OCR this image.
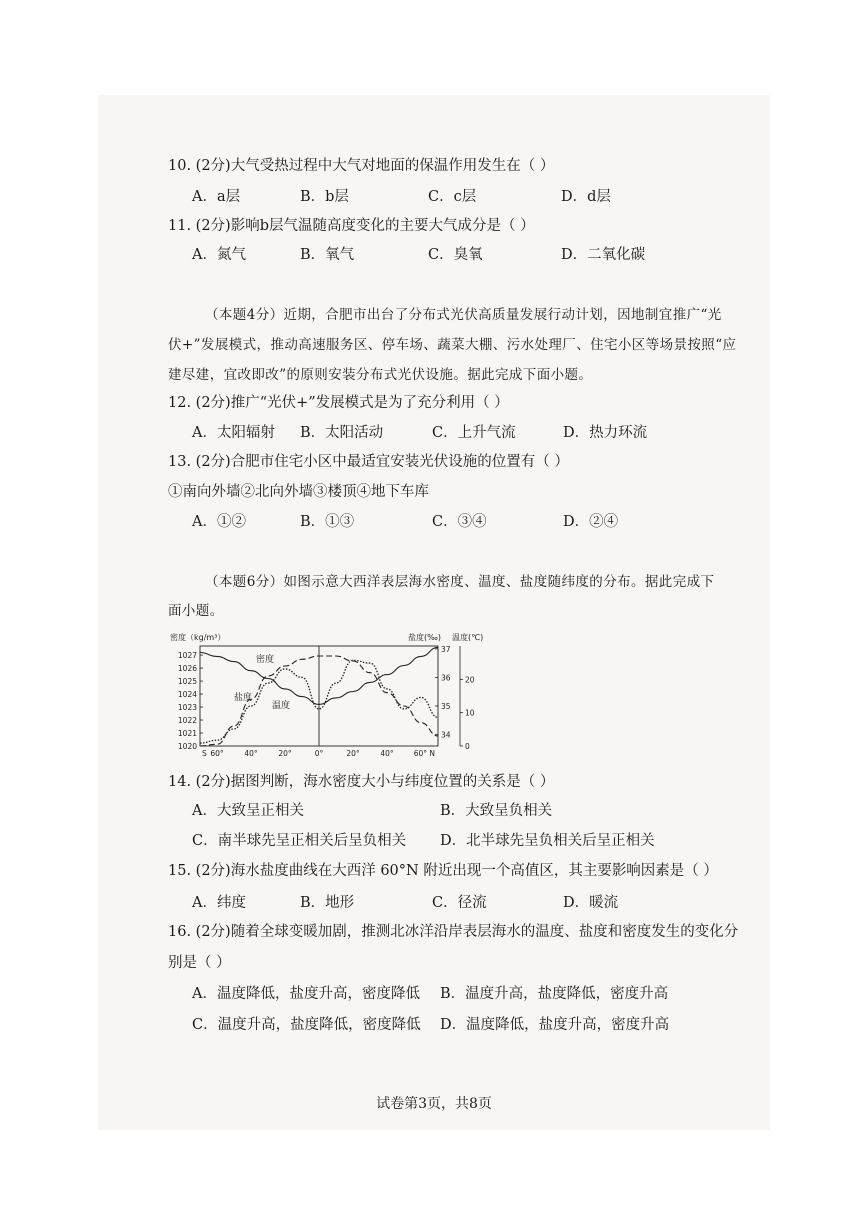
10. (2分)大气受热过程中大气对地面的保温作用发生在（ ）
A．a层	B．b层	C．c层	D．d层
11. (2分)影响b层气温随高度变化的主要大气成分是（ ）
A．氮气	B．氧气	C．臭氧	D．二氧化碳
（本题4分）近期，合肥市出台了分布式光伏高质量发展行动计划，因地制宜推广“光
伏+”发展模式，推动高速服务区、停车场、蔬菜大棚、污水处理厂、住宅小区等场景按照“应
建尽建，宜改即改”的原则安装分布式光伏设施。据此完成下面小题。
12. (2分)推广“光伏+”发展模式是为了充分利用（ ）
A．太阳辐射 B．太阳活动	C．上升气流	D．热力环流
13. (2分)合肥市住宅小区中最适宜安装光伏设施的位置有（ ）
①南向外墙②北向外墙③楼顶④地下车库
A．①②	B．①③	C．③④	D．②④
（本题6分）如图示意大西洋表层海水密度、温度、盐度随纬度的分布。据此完成下
面小题。
密度（kg/m³）
1020
1021
1022
1023
1024
1025
1026
1027
盐度(‰)
34
35
36
37
温度(℃)
0
10
20
S 60°	40°	20°	0°	20°	40°	60° N
密度
盐度
温度
14. (2分)据图判断，海水密度大小与纬度位置的关系是（ ）
A．大致呈正相关	B．大致呈负相关
C．南半球先呈正相关后呈负相关 D．北半球先呈负相关后呈正相关
15. (2分)海水盐度曲线在大西洋 60°N 附近出现一个高值区，其主要影响因素是（ ）
A．纬度	B．地形	C．径流	D．暖流
16. (2分)随着全球变暖加剧，推测北冰洋沿岸表层海水的温度、盐度和密度发生的变化分
别是（ ）
A．温度降低，盐度升高，密度降低 B．温度升高，盐度降低，密度升高
C．温度升高，盐度降低，密度降低 D．温度降低，盐度升高，密度升高
试卷第3页，共8页
